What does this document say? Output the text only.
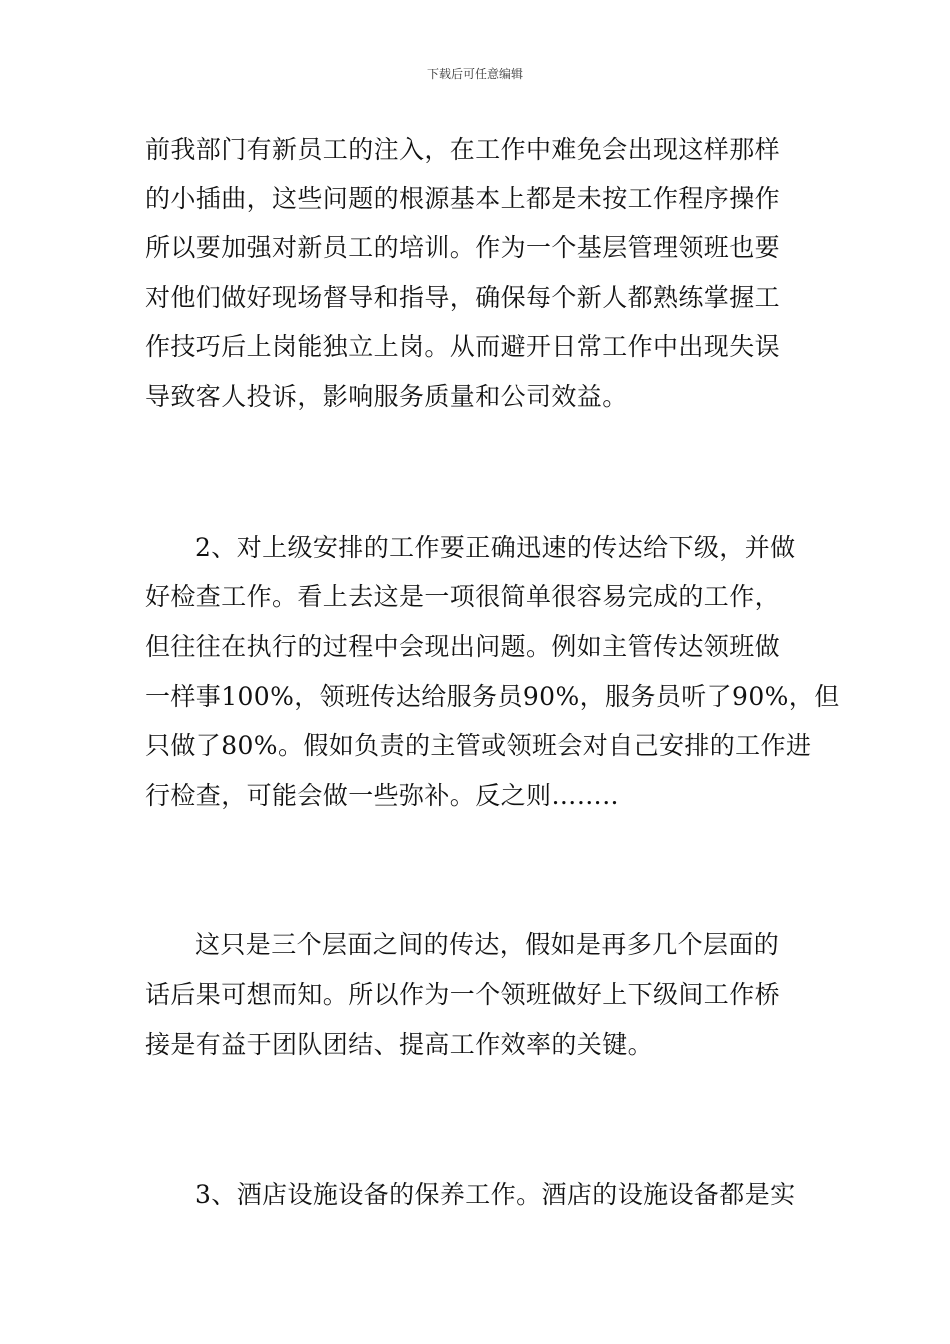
下载后可任意编辑
前我部门有新员工的注入，在工作中难免会出现这样那样
的小插曲，这些问题的根源基本上都是未按工作程序操作
所以要加强对新员工的培训。作为一个基层管理领班也要
对他们做好现场督导和指导，确保每个新人都熟练掌握工
作技巧后上岗能独立上岗。从而避开日常工作中出现失误
导致客人投诉，影响服务质量和公司效益。
2、对上级安排的工作要正确迅速的传达给下级，并做
好检查工作。看上去这是一项很简单很容易完成的工作，
但往往在执行的过程中会现出问题。例如主管传达领班做
一样事100%，领班传达给服务员90%，服务员听了90%，但
只做了80%。假如负责的主管或领班会对自己安排的工作进
行检查，可能会做一些弥补。反之则……..
这只是三个层面之间的传达，假如是再多几个层面的
话后果可想而知。所以作为一个领班做好上下级间工作桥
接是有益于团队团结、提高工作效率的关键。
3、酒店设施设备的保养工作。酒店的设施设备都是实
